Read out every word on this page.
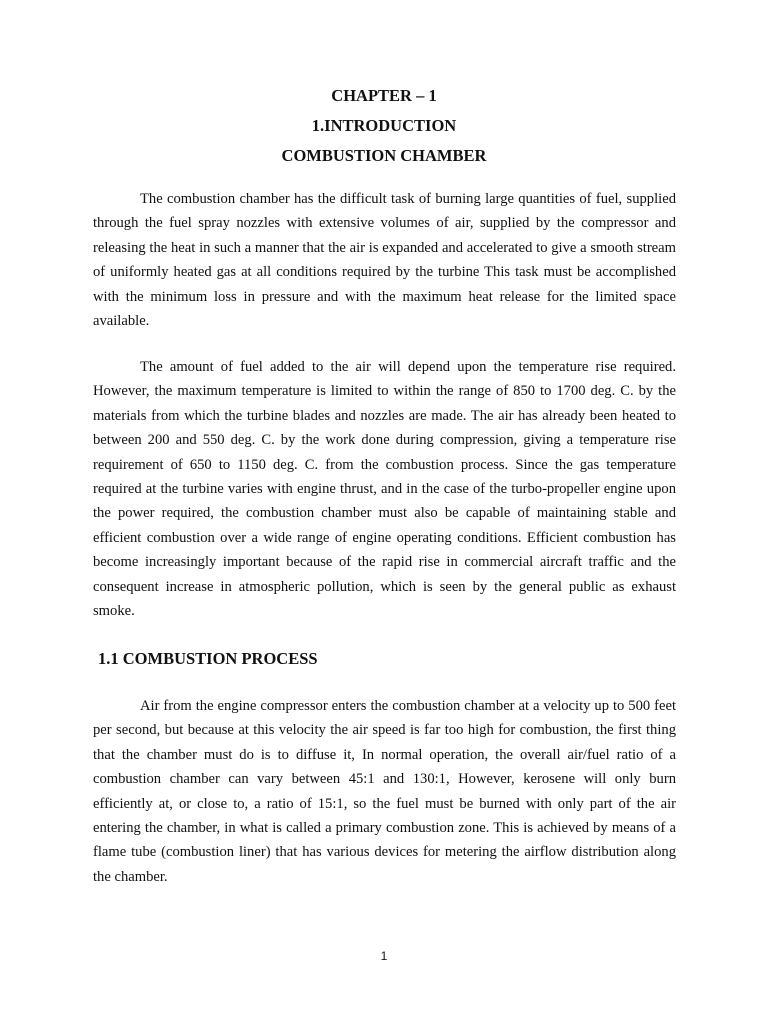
CHAPTER – 1
1.INTRODUCTION
COMBUSTION CHAMBER

The combustion chamber has the difficult task of burning large quantities of fuel, supplied through the fuel spray nozzles with extensive volumes of air, supplied by the compressor and releasing the heat in such a manner that the air is expanded and accelerated to give a smooth stream of uniformly heated gas at all conditions required by the turbine This task must be accomplished with the minimum loss in pressure and with the maximum heat release for the limited space available.

The amount of fuel added to the air will depend upon the temperature rise required. However, the maximum temperature is limited to within the range of 850 to 1700 deg. C. by the materials from which the turbine blades and nozzles are made. The air has already been heated to between 200 and 550 deg. C. by the work done during compression, giving a temperature rise requirement of 650 to 1150 deg. C. from the combustion process. Since the gas temperature required at the turbine varies with engine thrust, and in the case of the turbo-propeller engine upon the power required, the combustion chamber must also be capable of maintaining stable and efficient combustion over a wide range of engine operating conditions. Efficient combustion has become increasingly important because of the rapid rise in commercial aircraft traffic and the consequent increase in atmospheric pollution, which is seen by the general public as exhaust smoke.

1.1 COMBUSTION PROCESS

Air from the engine compressor enters the combustion chamber at a velocity up to 500 feet per second, but because at this velocity the air speed is far too high for combustion, the first thing that the chamber must do is to diffuse it, In normal operation, the overall air/fuel ratio of a combustion chamber can vary between 45:1 and 130:1, However, kerosene will only burn efficiently at, or close to, a ratio of 15:1, so the fuel must be burned with only part of the air entering the chamber, in what is called a primary combustion zone. This is achieved by means of a flame tube (combustion liner) that has various devices for metering the airflow distribution along the chamber.

1
